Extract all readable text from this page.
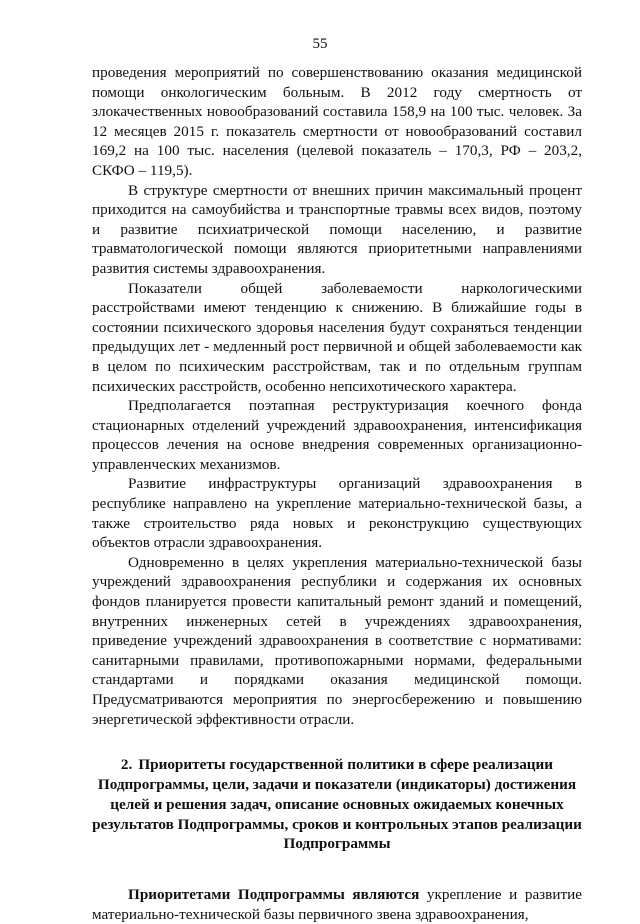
55

проведения мероприятий по совершенствованию оказания медицинской помощи онкологическим больным. В 2012 году смертность от злокачественных новообразований составила 158,9 на 100 тыс. человек. За 12 месяцев 2015 г. показатель смертности от новообразований составил 169,2 на 100 тыс. населения (целевой показатель – 170,3, РФ – 203,2, СКФО – 119,5).

В структуре смертности от внешних причин максимальный процент приходится на самоубийства и транспортные травмы всех видов, поэтому и развитие психиатрической помощи населению, и развитие травматологической помощи являются приоритетными направлениями развития системы здравоохранения.

Показатели общей заболеваемости наркологическими расстройствами имеют тенденцию к снижению. В ближайшие годы в состоянии психического здоровья населения будут сохраняться тенденции предыдущих лет - медленный рост первичной и общей заболеваемости как в целом по психическим расстройствам, так и по отдельным группам психических расстройств, особенно непсихотического характера.

Предполагается поэтапная реструктуризация коечного фонда стационарных отделений учреждений здравоохранения, интенсификация процессов лечения на основе внедрения современных организационно-управленческих механизмов.

Развитие инфраструктуры организаций здравоохранения в республике направлено на укрепление материально-технической базы, а также строительство ряда новых и реконструкцию существующих объектов отрасли здравоохранения.

Одновременно в целях укрепления материально-технической базы учреждений здравоохранения республики и содержания их основных фондов планируется провести капитальный ремонт зданий и помещений, внутренних инженерных сетей в учреждениях здравоохранения, приведение учреждений здравоохранения в соответствие с нормативами: санитарными правилами, противопожарными нормами, федеральными стандартами и порядками оказания медицинской помощи. Предусматриваются мероприятия по энергосбережению и повышению энергетической эффективности отрасли.

2. Приоритеты государственной политики в сфере реализации Подпрограммы, цели, задачи и показатели (индикаторы) достижения целей и решения задач, описание основных ожидаемых конечных результатов Подпрограммы, сроков и контрольных этапов реализации Подпрограммы

Приоритетами Подпрограммы являются укрепление и развитие материально-технической базы первичного звена здравоохранения,
